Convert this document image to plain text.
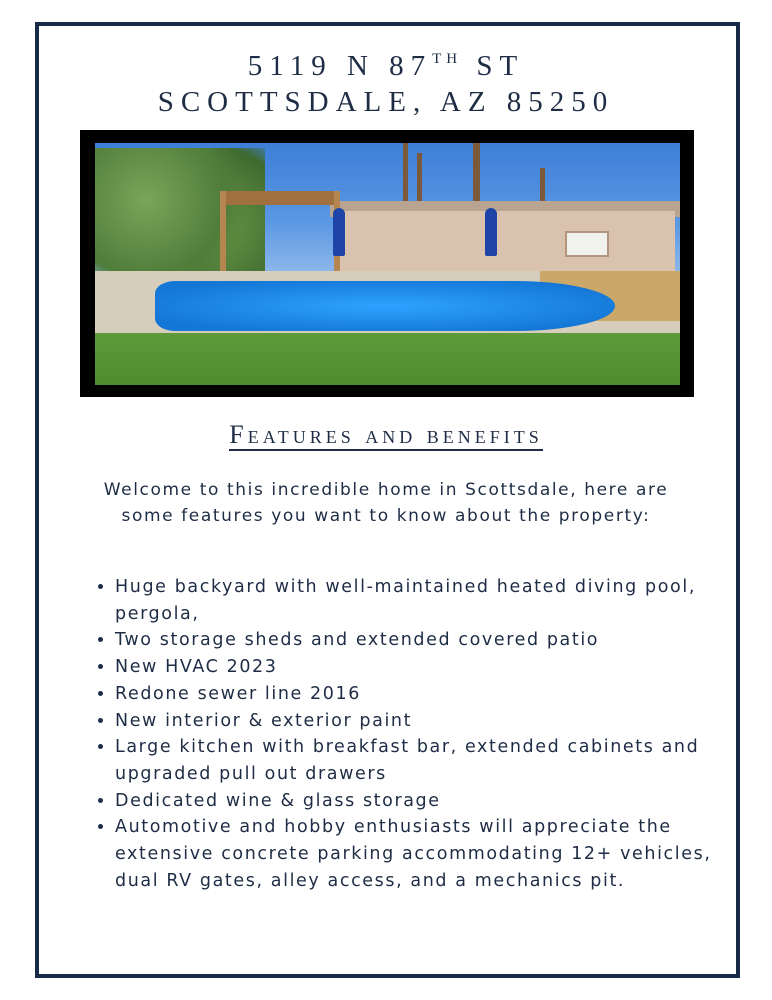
5119 N 87TH ST
SCOTTSDALE, AZ 85250
Features and benefits
Welcome to this incredible home in Scottsdale, here are some features you want to know about the property:
• Huge backyard with well-maintained heated diving pool, pergola,
• Two storage sheds and extended covered patio
• New HVAC 2023
• Redone sewer line 2016
• New interior & exterior paint
• Large kitchen with breakfast bar, extended cabinets and upgraded pull out drawers
• Dedicated wine & glass storage
• Automotive and hobby enthusiasts will appreciate the extensive concrete parking accommodating 12+ vehicles, dual RV gates, alley access, and a mechanics pit.
